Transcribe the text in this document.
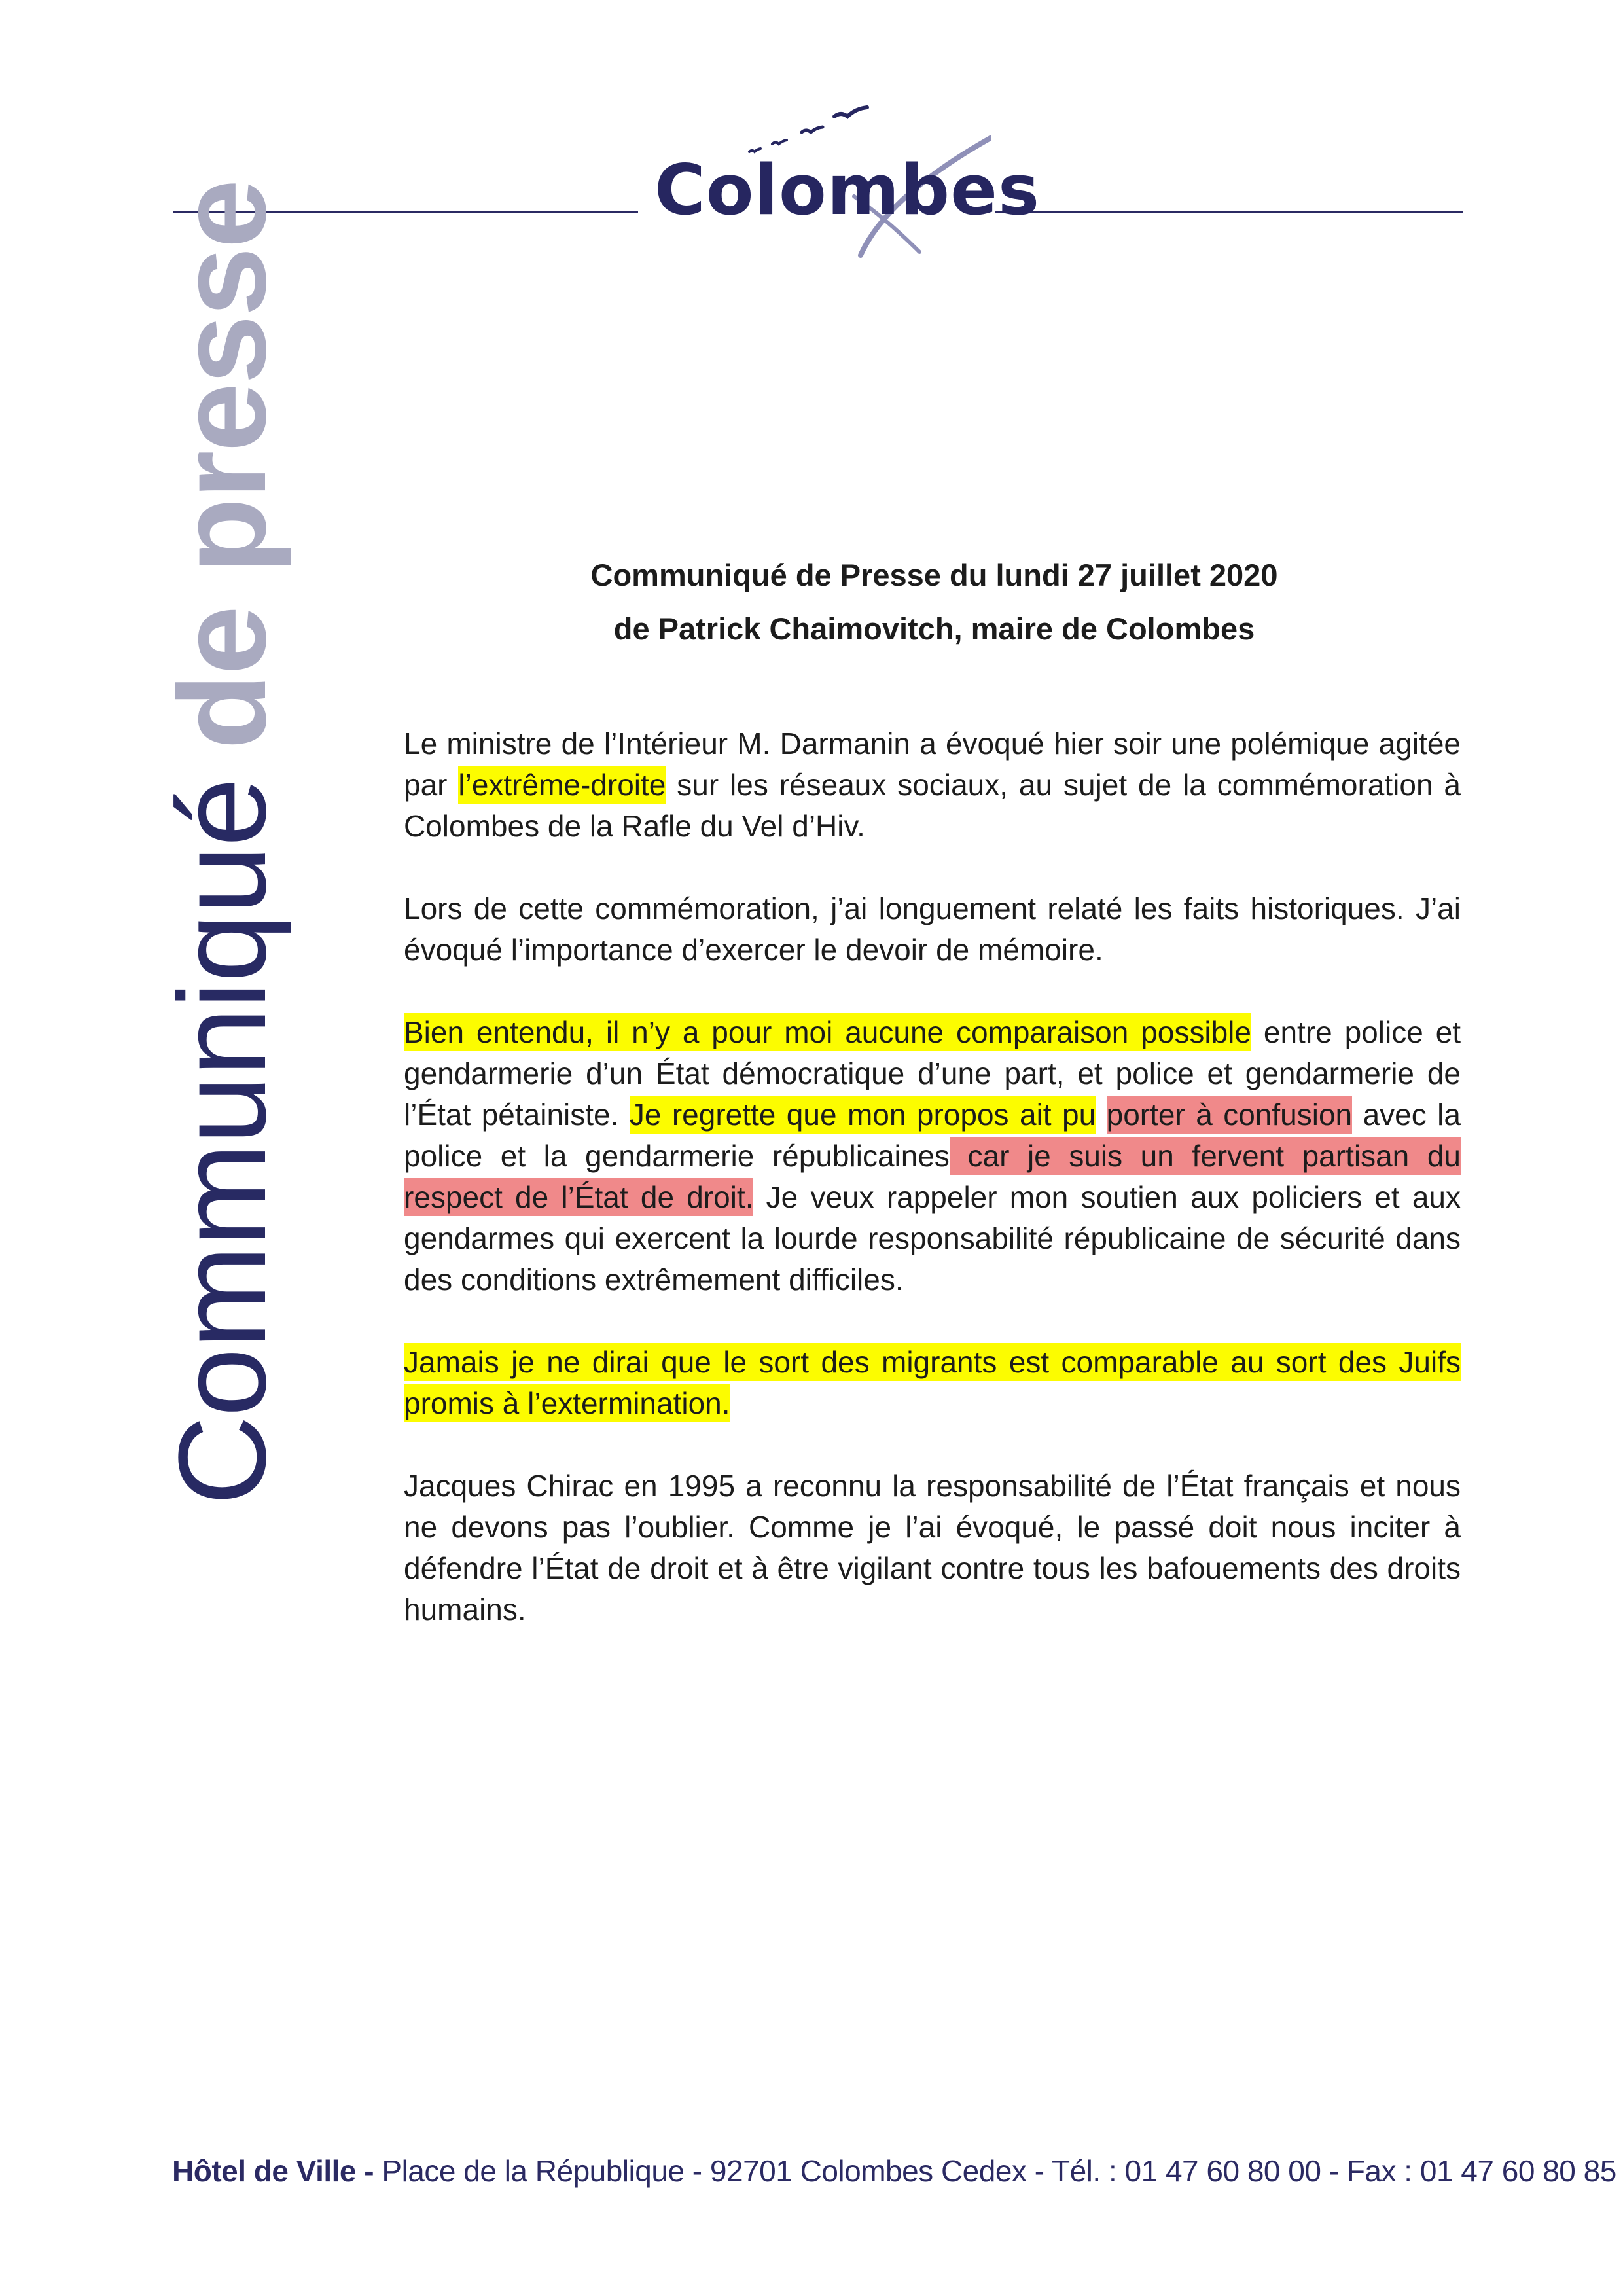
Colombes
Communiquéde presse	Communiqué de Presse du lundi 27 juillet 2020
de Patrick Chaimovitch, maire de Colombes

Le ministre de l’Intérieur M. Darmanin a évoqué hier soir une polémique agitée par l’extrême-droite sur les réseaux sociaux, au sujet de la commémoration à Colombes de la Rafle du Vel d’Hiv.

Lors de cette commémoration, j’ai longuement relaté les faits historiques. J’ai évoqué l’importance d’exercer le devoir de mémoire.

Bien entendu, il n’y a pour moi aucune comparaison possible entre police et gendarmerie d’un État démocratique d’une part, et police et gendarmerie de l’État pétainiste. Je regrette que mon propos ait pu porter à confusion avec la police et la gendarmerie républicaines car je suis un fervent partisan du respect de l’État de droit. Je veux rappeler mon soutien aux policiers et aux gendarmes qui exercent la lourde responsabilité républicaine de sécurité dans des conditions extrêmement difficiles.

Jamais je ne dirai que le sort des migrants est comparable au sort des Juifs promis à l’extermination.

Jacques Chirac en 1995 a reconnu la responsabilité de l’État français et nous ne devons pas l’oublier. Comme je l’ai évoqué, le passé doit nous inciter à défendre l’État de droit et à être vigilant contre tous les bafouements des droits humains.

Hôtel de Ville - Place de la République - 92701 Colombes Cedex - Tél. : 01 47 60 80 00 - Fax : 01 47 60 80 85
